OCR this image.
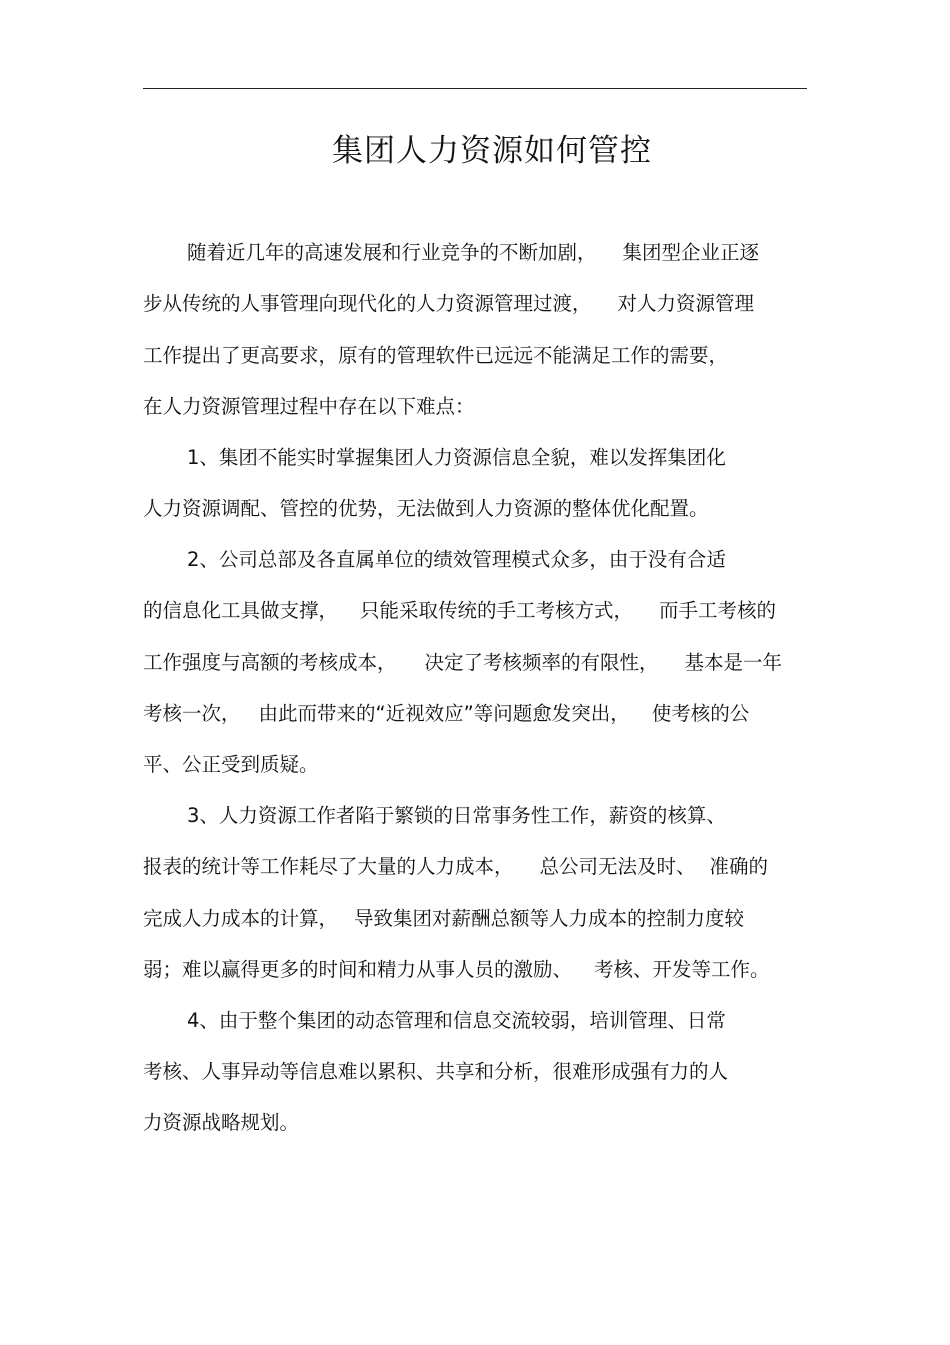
集团人力资源如何管控
随着近几年的高速发展和行业竞争的不断加剧， 集团型企业正逐
步从传统的人事管理向现代化的人力资源管理过渡， 对人力资源管理
工作提出了更高要求，原有的管理软件已远远不能满足工作的需要，
在人力资源管理过程中存在以下难点：
1、集团不能实时掌握集团人力资源信息全貌，难以发挥集团化
人力资源调配、管控的优势，无法做到人力资源的整体优化配置。
2、公司总部及各直属单位的绩效管理模式众多，由于没有合适
的信息化工具做支撑， 只能采取传统的手工考核方式， 而手工考核的
工作强度与高额的考核成本， 决定了考核频率的有限性， 基本是一年
考核一次， 由此而带来的“近视效应”等问题愈发突出， 使考核的公
平、公正受到质疑。
3、人力资源工作者陷于繁锁的日常事务性工作，薪资的核算、
报表的统计等工作耗尽了大量的人力成本， 总公司无法及时、 准确的
完成人力成本的计算， 导致集团对薪酬总额等人力成本的控制力度较
弱；难以赢得更多的时间和精力从事人员的激励、 考核、开发等工作。
4、由于整个集团的动态管理和信息交流较弱，培训管理、日常
考核、人事异动等信息难以累积、共享和分析，很难形成强有力的人
力资源战略规划。
